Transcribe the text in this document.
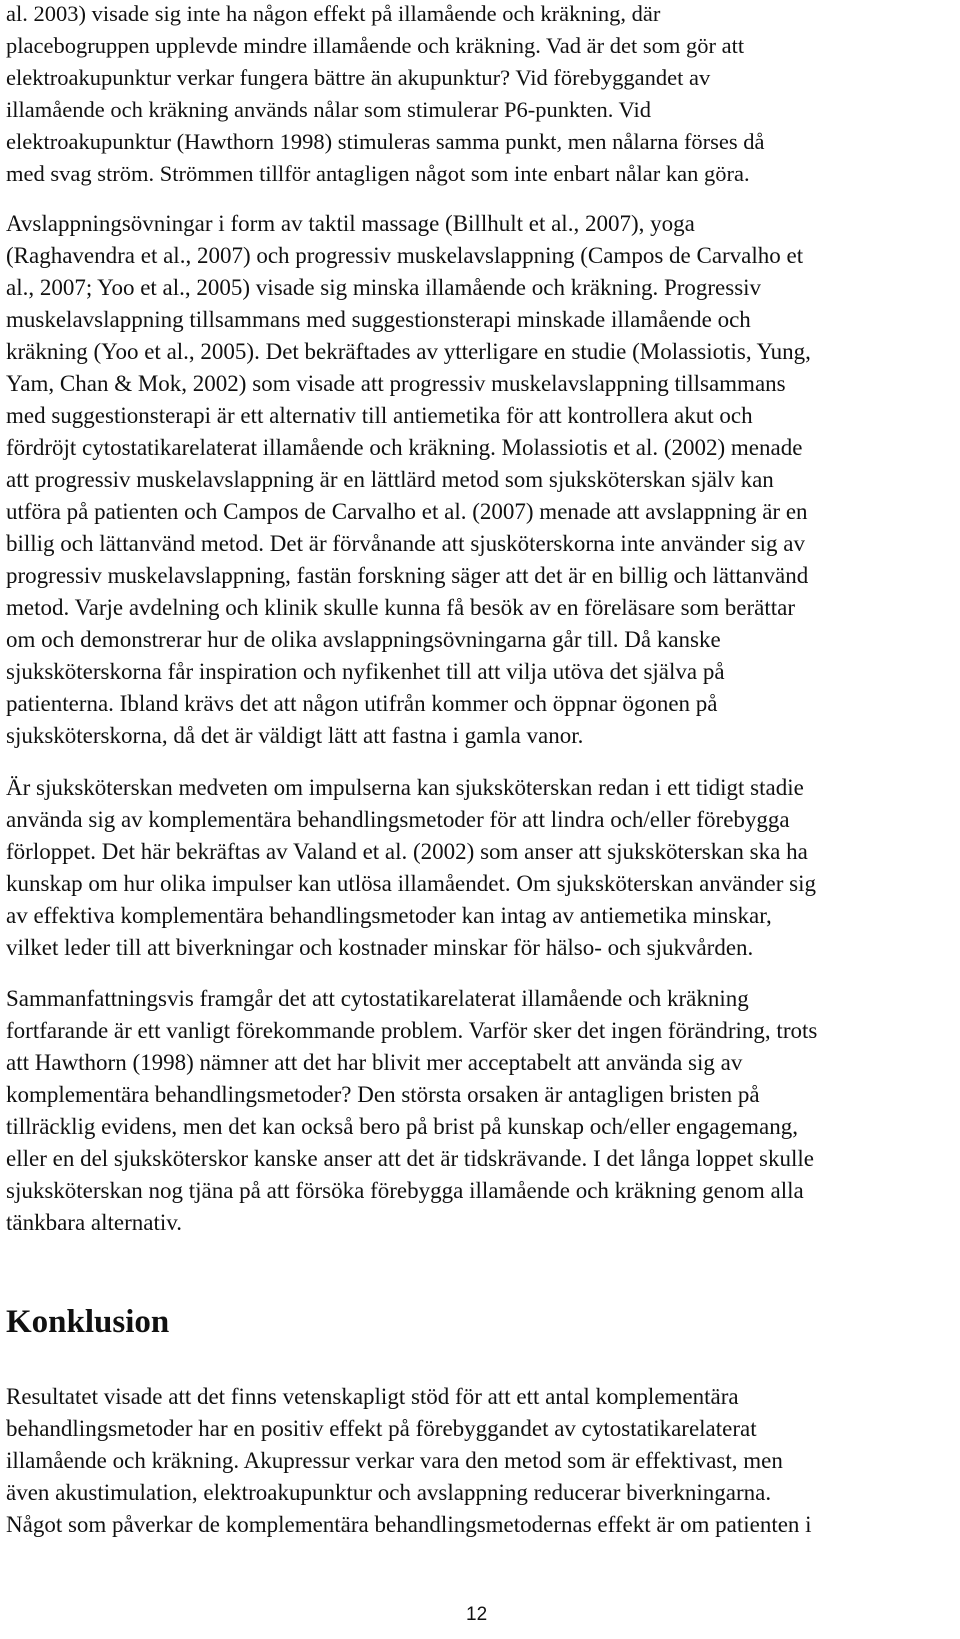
al. 2003) visade sig inte ha någon effekt på illamående och kräkning, där
placebogruppen upplevde mindre illamående och kräkning. Vad är det som gör att
elektroakupunktur verkar fungera bättre än akupunktur? Vid förebyggandet av
illamående och kräkning används nålar som stimulerar P6-punkten. Vid
elektroakupunktur (Hawthorn 1998) stimuleras samma punkt, men nålarna förses då
med svag ström. Strömmen tillför antagligen något som inte enbart nålar kan göra.
Avslappningsövningar i form av taktil massage (Billhult et al., 2007), yoga
(Raghavendra et al., 2007) och progressiv muskelavslappning (Campos de Carvalho et
al., 2007; Yoo et al., 2005) visade sig minska illamående och kräkning. Progressiv
muskelavslappning tillsammans med suggestionsterapi minskade illamående och
kräkning (Yoo et al., 2005). Det bekräftades av ytterligare en studie (Molassiotis, Yung,
Yam, Chan & Mok, 2002) som visade att progressiv muskelavslappning tillsammans
med suggestionsterapi är ett alternativ till antiemetika för att kontrollera akut och
fördröjt cytostatikarelaterat illamående och kräkning. Molassiotis et al. (2002) menade
att progressiv muskelavslappning är en lättlärd metod som sjuksköterskan själv kan
utföra på patienten och Campos de Carvalho et al. (2007) menade att avslappning är en
billig och lättanvänd metod. Det är förvånande att sjusköterskorna inte använder sig av
progressiv muskelavslappning, fastän forskning säger att det är en billig och lättanvänd
metod. Varje avdelning och klinik skulle kunna få besök av en föreläsare som berättar
om och demonstrerar hur de olika avslappningsövningarna går till. Då kanske
sjuksköterskorna får inspiration och nyfikenhet till att vilja utöva det själva på
patienterna. Ibland krävs det att någon utifrån kommer och öppnar ögonen på
sjuksköterskorna, då det är väldigt lätt att fastna i gamla vanor.
Är sjuksköterskan medveten om impulserna kan sjuksköterskan redan i ett tidigt stadie
använda sig av komplementära behandlingsmetoder för att lindra och/eller förebygga
förloppet. Det här bekräftas av Valand et al. (2002) som anser att sjuksköterskan ska ha
kunskap om hur olika impulser kan utlösa illamåendet. Om sjuksköterskan använder sig
av effektiva komplementära behandlingsmetoder kan intag av antiemetika minskar,
vilket leder till att biverkningar och kostnader minskar för hälso- och sjukvården.
Sammanfattningsvis framgår det att cytostatikarelaterat illamående och kräkning
fortfarande är ett vanligt förekommande problem. Varför sker det ingen förändring, trots
att Hawthorn (1998) nämner att det har blivit mer acceptabelt att använda sig av
komplementära behandlingsmetoder? Den största orsaken är antagligen bristen på
tillräcklig evidens, men det kan också bero på brist på kunskap och/eller engagemang,
eller en del sjuksköterskor kanske anser att det är tidskrävande. I det långa loppet skulle
sjuksköterskan nog tjäna på att försöka förebygga illamående och kräkning genom alla
tänkbara alternativ.
Konklusion
Resultatet visade att det finns vetenskapligt stöd för att ett antal komplementära
behandlingsmetoder har en positiv effekt på förebyggandet av cytostatikarelaterat
illamående och kräkning. Akupressur verkar vara den metod som är effektivast, men
även akustimulation, elektroakupunktur och avslappning reducerar biverkningarna.
Något som påverkar de komplementära behandlingsmetodernas effekt är om patienten i
12
